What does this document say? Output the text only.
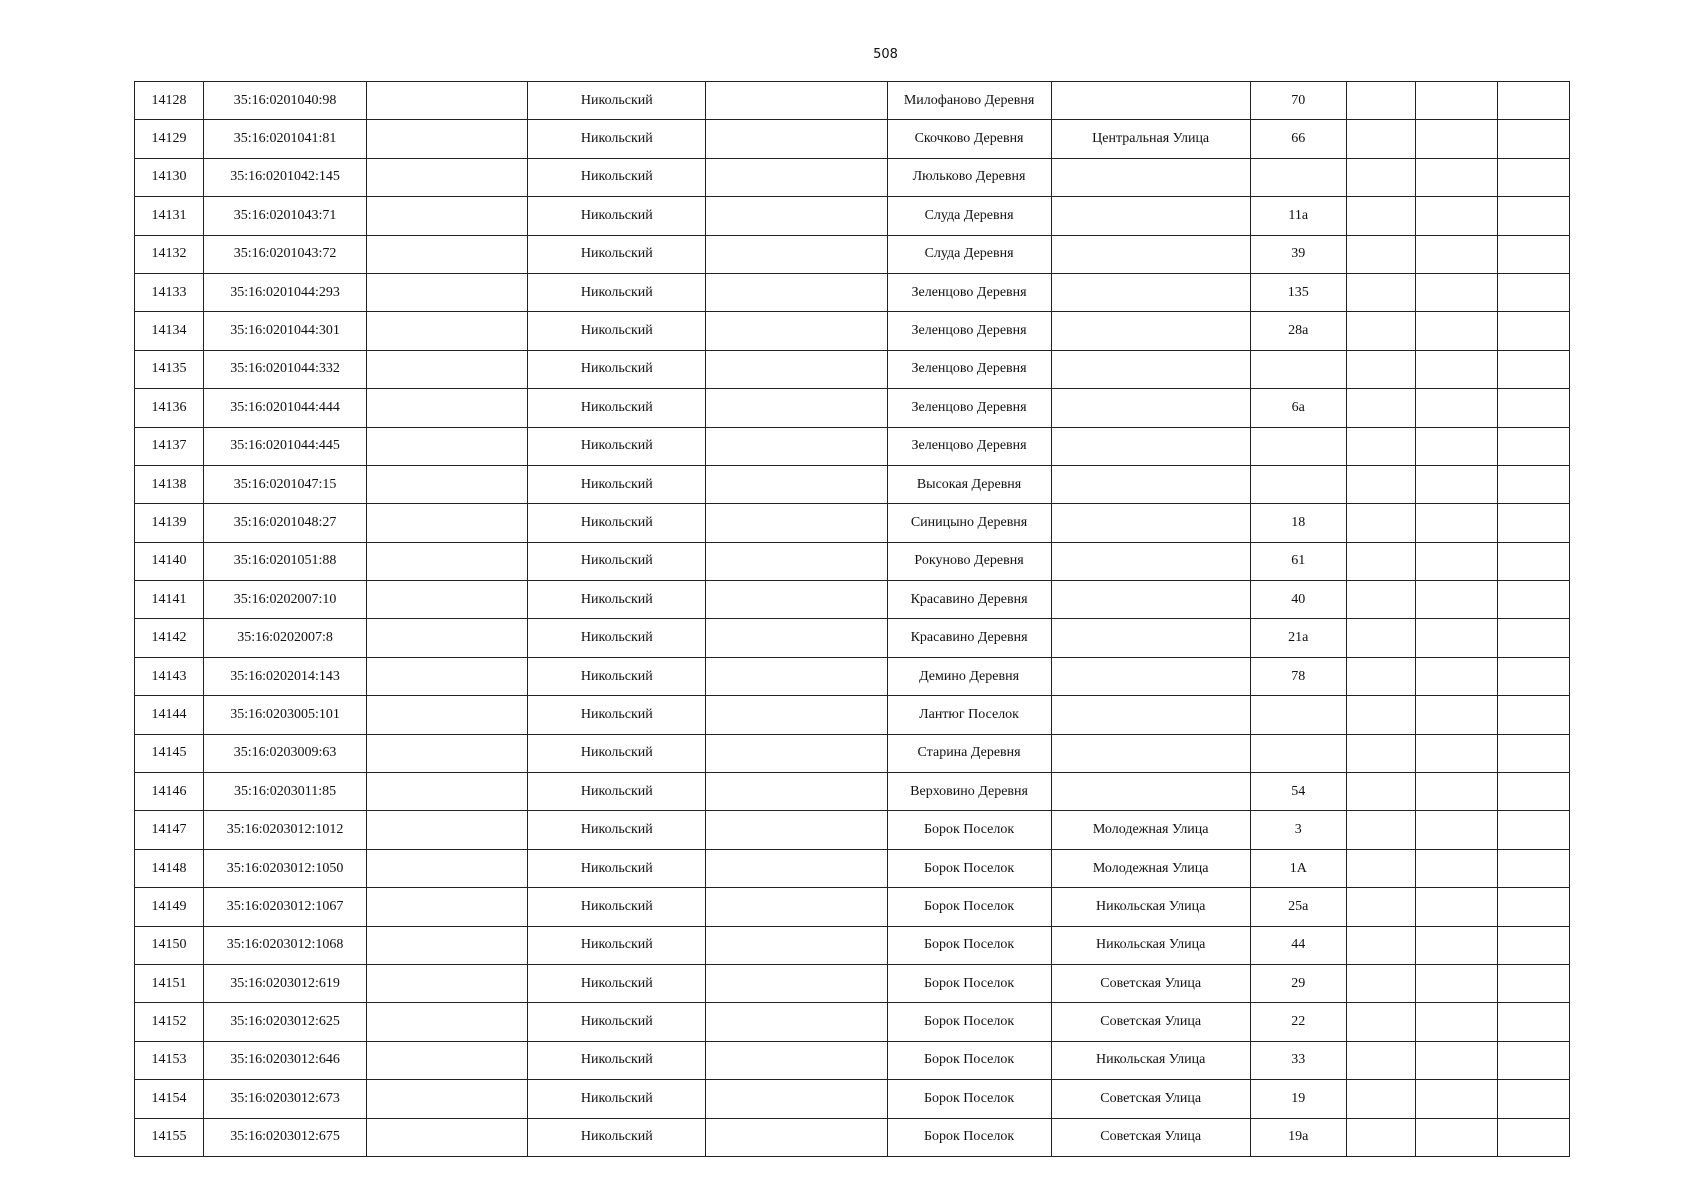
508
14128	35:16:0201040:98		Никольский		Милофаново Деревня		70			
14129	35:16:0201041:81		Никольский		Скочково Деревня	Центральная Улица	66			
14130	35:16:0201042:145		Никольский		Люльково Деревня					
14131	35:16:0201043:71		Никольский		Слуда Деревня		11а			
14132	35:16:0201043:72		Никольский		Слуда Деревня		39			
14133	35:16:0201044:293		Никольский		Зеленцово Деревня		135			
14134	35:16:0201044:301		Никольский		Зеленцово Деревня		28а			
14135	35:16:0201044:332		Никольский		Зеленцово Деревня					
14136	35:16:0201044:444		Никольский		Зеленцово Деревня		6а			
14137	35:16:0201044:445		Никольский		Зеленцово Деревня					
14138	35:16:0201047:15		Никольский		Высокая Деревня					
14139	35:16:0201048:27		Никольский		Синицыно Деревня		18			
14140	35:16:0201051:88		Никольский		Рокуново Деревня		61			
14141	35:16:0202007:10		Никольский		Красавино Деревня		40			
14142	35:16:0202007:8		Никольский		Красавино Деревня		21а			
14143	35:16:0202014:143		Никольский		Демино Деревня		78			
14144	35:16:0203005:101		Никольский		Лантюг Поселок					
14145	35:16:0203009:63		Никольский		Старина Деревня					
14146	35:16:0203011:85		Никольский		Верховино Деревня		54			
14147	35:16:0203012:1012		Никольский		Борок Поселок	Молодежная Улица	3			
14148	35:16:0203012:1050		Никольский		Борок Поселок	Молодежная Улица	1А			
14149	35:16:0203012:1067		Никольский		Борок Поселок	Никольская Улица	25а			
14150	35:16:0203012:1068		Никольский		Борок Поселок	Никольская Улица	44			
14151	35:16:0203012:619		Никольский		Борок Поселок	Советская Улица	29			
14152	35:16:0203012:625		Никольский		Борок Поселок	Советская Улица	22			
14153	35:16:0203012:646		Никольский		Борок Поселок	Никольская Улица	33			
14154	35:16:0203012:673		Никольский		Борок Поселок	Советская Улица	19			
14155	35:16:0203012:675		Никольский		Борок Поселок	Советская Улица	19а			
